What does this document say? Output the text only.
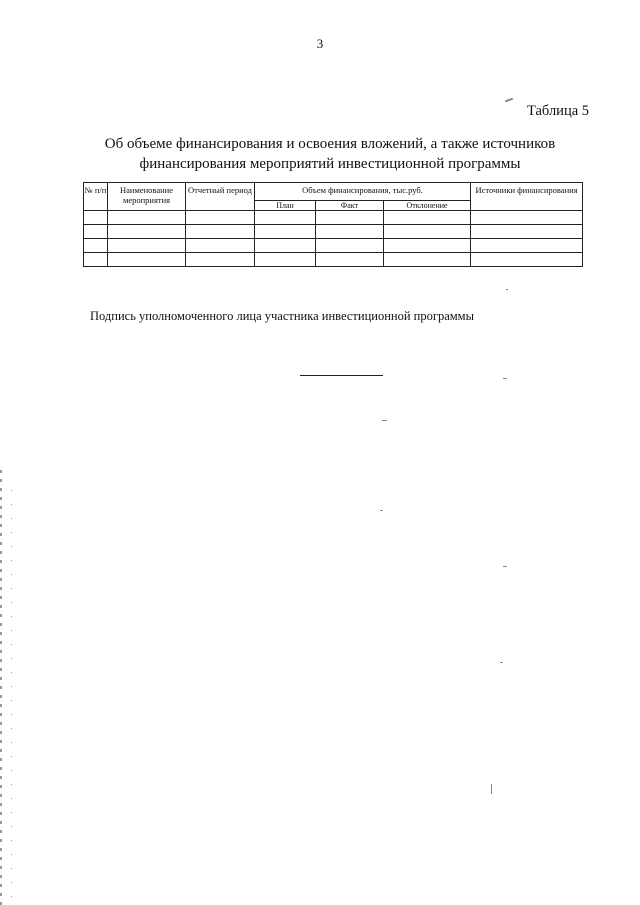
3
Таблица 5
Об объеме финансирования и освоения вложений, а также источников
финансирования мероприятий инвестиционной программы
№ п/п	Наименование мероприятия	Отчетный период	Объем финансирования, тыс.руб.			Источники финансирования
			План	Факт	Отклонение	

Подпись уполномоченного лица участника инвестиционной программы
